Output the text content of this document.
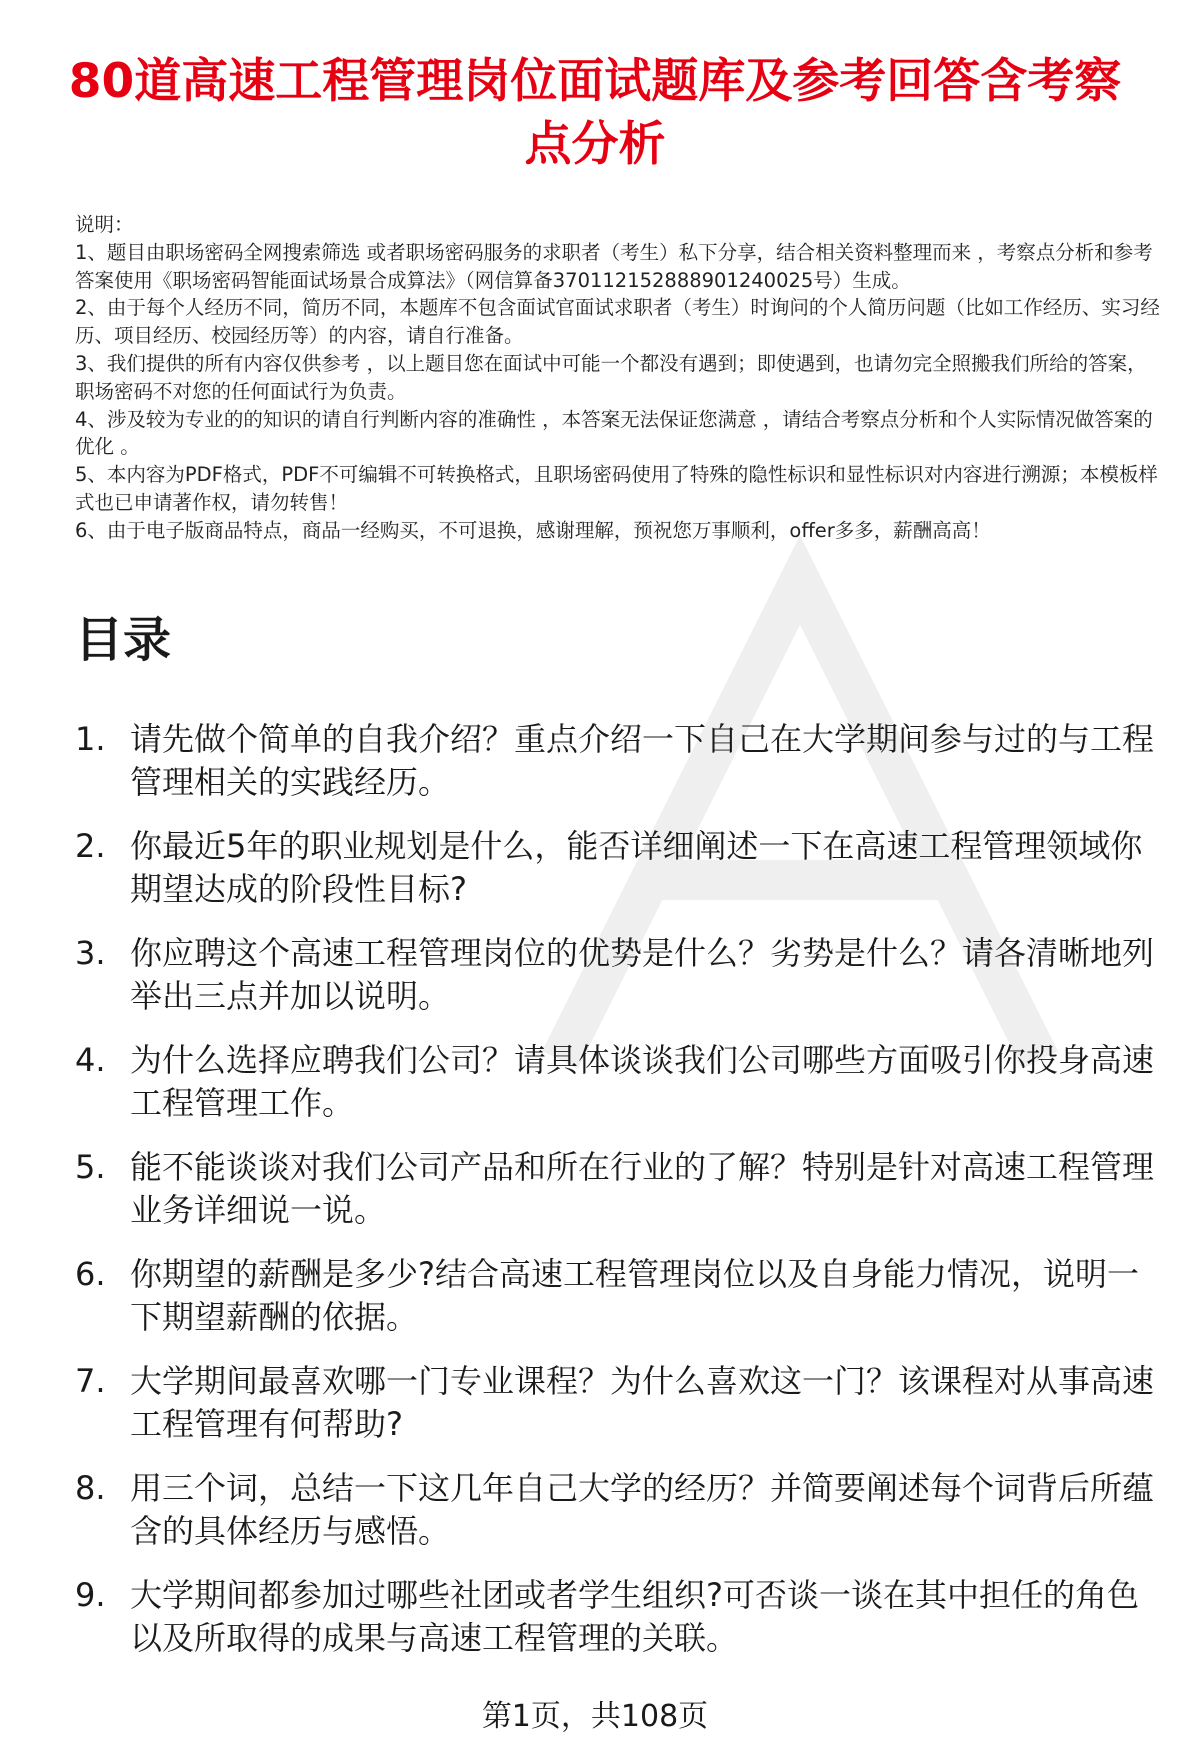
80道高速工程管理岗位面试题库及参考回答含考察点分析

说明：

1、题目由职场密码全网搜索筛选 或者职场密码服务的求职者（考生）私下分享，结合相关资料整理而来 ，考察点分析和参考答案使用《职场密码智能面试场景合成算法》（网信算备370112152888901240025号）生成。

2、由于每个人经历不同，简历不同，本题库不包含面试官面试求职者（考生）时询问的个人简历问题（比如工作经历、实习经历、项目经历、校园经历等）的内容，请自行准备。

3、我们提供的所有内容仅供参考 ，以上题目您在面试中可能一个都没有遇到；即使遇到，也请勿完全照搬我们所给的答案，职场密码不对您的任何面试行为负责。

4、涉及较为专业的的知识的请自行判断内容的准确性 ，本答案无法保证您满意 ，请结合考察点分析和个人实际情况做答案的优化 。

5、本内容为PDF格式，PDF不可编辑不可转换格式，且职场密码使用了特殊的隐性标识和显性标识对内容进行溯源；本模板样式也已申请著作权，请勿转售！

6、由于电子版商品特点，商品一经购买，不可退换，感谢理解，预祝您万事顺利，offer多多，薪酬高高！

目录
1. 请先做个简单的自我介绍？重点介绍一下自己在大学期间参与过的与工程管理相关的实践经历。
2. 你最近5年的职业规划是什么，能否详细阐述一下在高速工程管理领域你期望达成的阶段性目标?
3. 你应聘这个高速工程管理岗位的优势是什么？劣势是什么？请各清晰地列举出三点并加以说明。
4. 为什么选择应聘我们公司？请具体谈谈我们公司哪些方面吸引你投身高速工程管理工作。
5. 能不能谈谈对我们公司产品和所在行业的了解？特别是针对高速工程管理业务详细说一说。
6. 你期望的薪酬是多少?结合高速工程管理岗位以及自身能力情况，说明一下期望薪酬的依据。
7. 大学期间最喜欢哪一门专业课程？为什么喜欢这一门？该课程对从事高速工程管理有何帮助?
8. 用三个词，总结一下这几年自己大学的经历？并简要阐述每个词背后所蕴含的具体经历与感悟。
9. 大学期间都参加过哪些社团或者学生组织?可否谈一谈在其中担任的角色以及所取得的成果与高速工程管理的关联。
第1页，共108页
